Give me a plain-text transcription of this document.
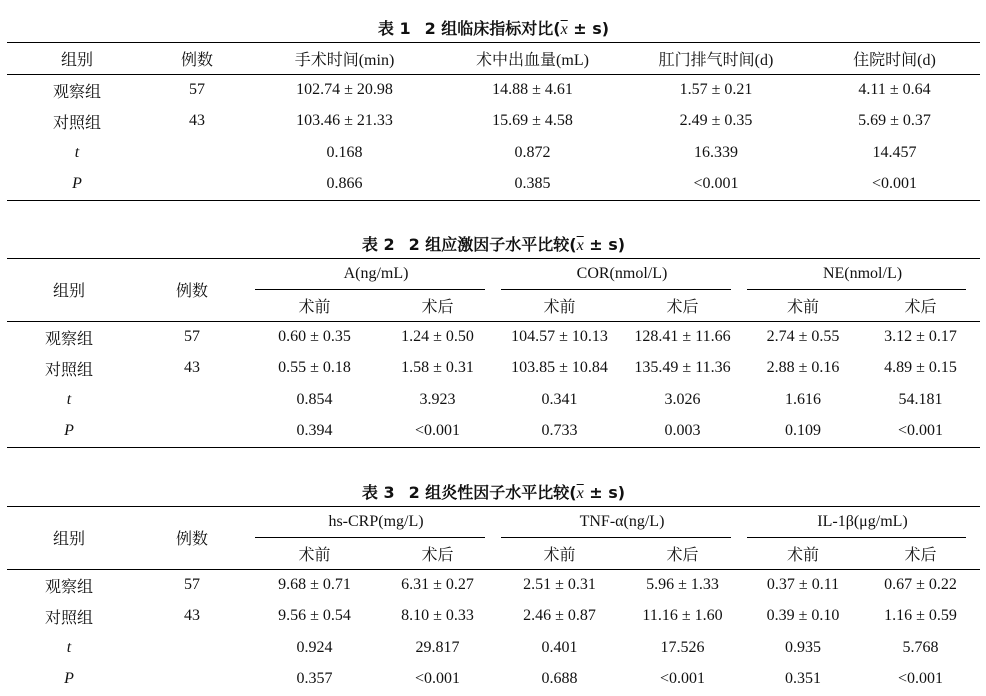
表 1 2 组临床指标对比$(\overline{x} \pm s)$
组别	例数	手术时间(min)	术中出血量(mL)	肛门排气时间(d)	住院时间(d)
观察组	57	102.74 ± 20.98	14.88 ± 4.61	1.57 ± 0.21	4.11 ± 0.64
对照组	43	103.46 ± 21.33	15.69 ± 4.58	2.49 ± 0.35	5.69 ± 0.37
t		0.168	0.872	16.339	14.457
P		0.866	0.385	<0.001	<0.001
表 2 2 组应激因子水平比较$(\overline{x} \pm s)$
组别	例数	A(ng/mL)		COR(nmol/L)		NE(nmol/L)	

		术前	术后	术前	术后	术前	术后
观察组	57	0.60 ± 0.35	1.24 ± 0.50	104.57 ± 10.13	128.41 ± 11.66	2.74 ± 0.55	3.12 ± 0.17
对照组	43	0.55 ± 0.18	1.58 ± 0.31	103.85 ± 10.84	135.49 ± 11.36	2.88 ± 0.16	4.89 ± 0.15
t		0.854	3.923	0.341	3.026	1.616	54.181
P		0.394	<0.001	0.733	0.003	0.109	<0.001
表 3 2 组炎性因子水平比较$(\overline{x} \pm s)$
组别	例数	hs-CRP(mg/L)		TNF-α(ng/L)		IL-1β(μg/mL)	

		术前	术后	术前	术后	术前	术后
观察组	57	9.68 ± 0.71	6.31 ± 0.27	2.51 ± 0.31	5.96 ± 1.33	0.37 ± 0.11	0.67 ± 0.22
对照组	43	9.56 ± 0.54	8.10 ± 0.33	2.46 ± 0.87	11.16 ± 1.60	0.39 ± 0.10	1.16 ± 0.59
t		0.924	29.817	0.401	17.526	0.935	5.768
P		0.357	<0.001	0.688	<0.001	0.351	<0.001
